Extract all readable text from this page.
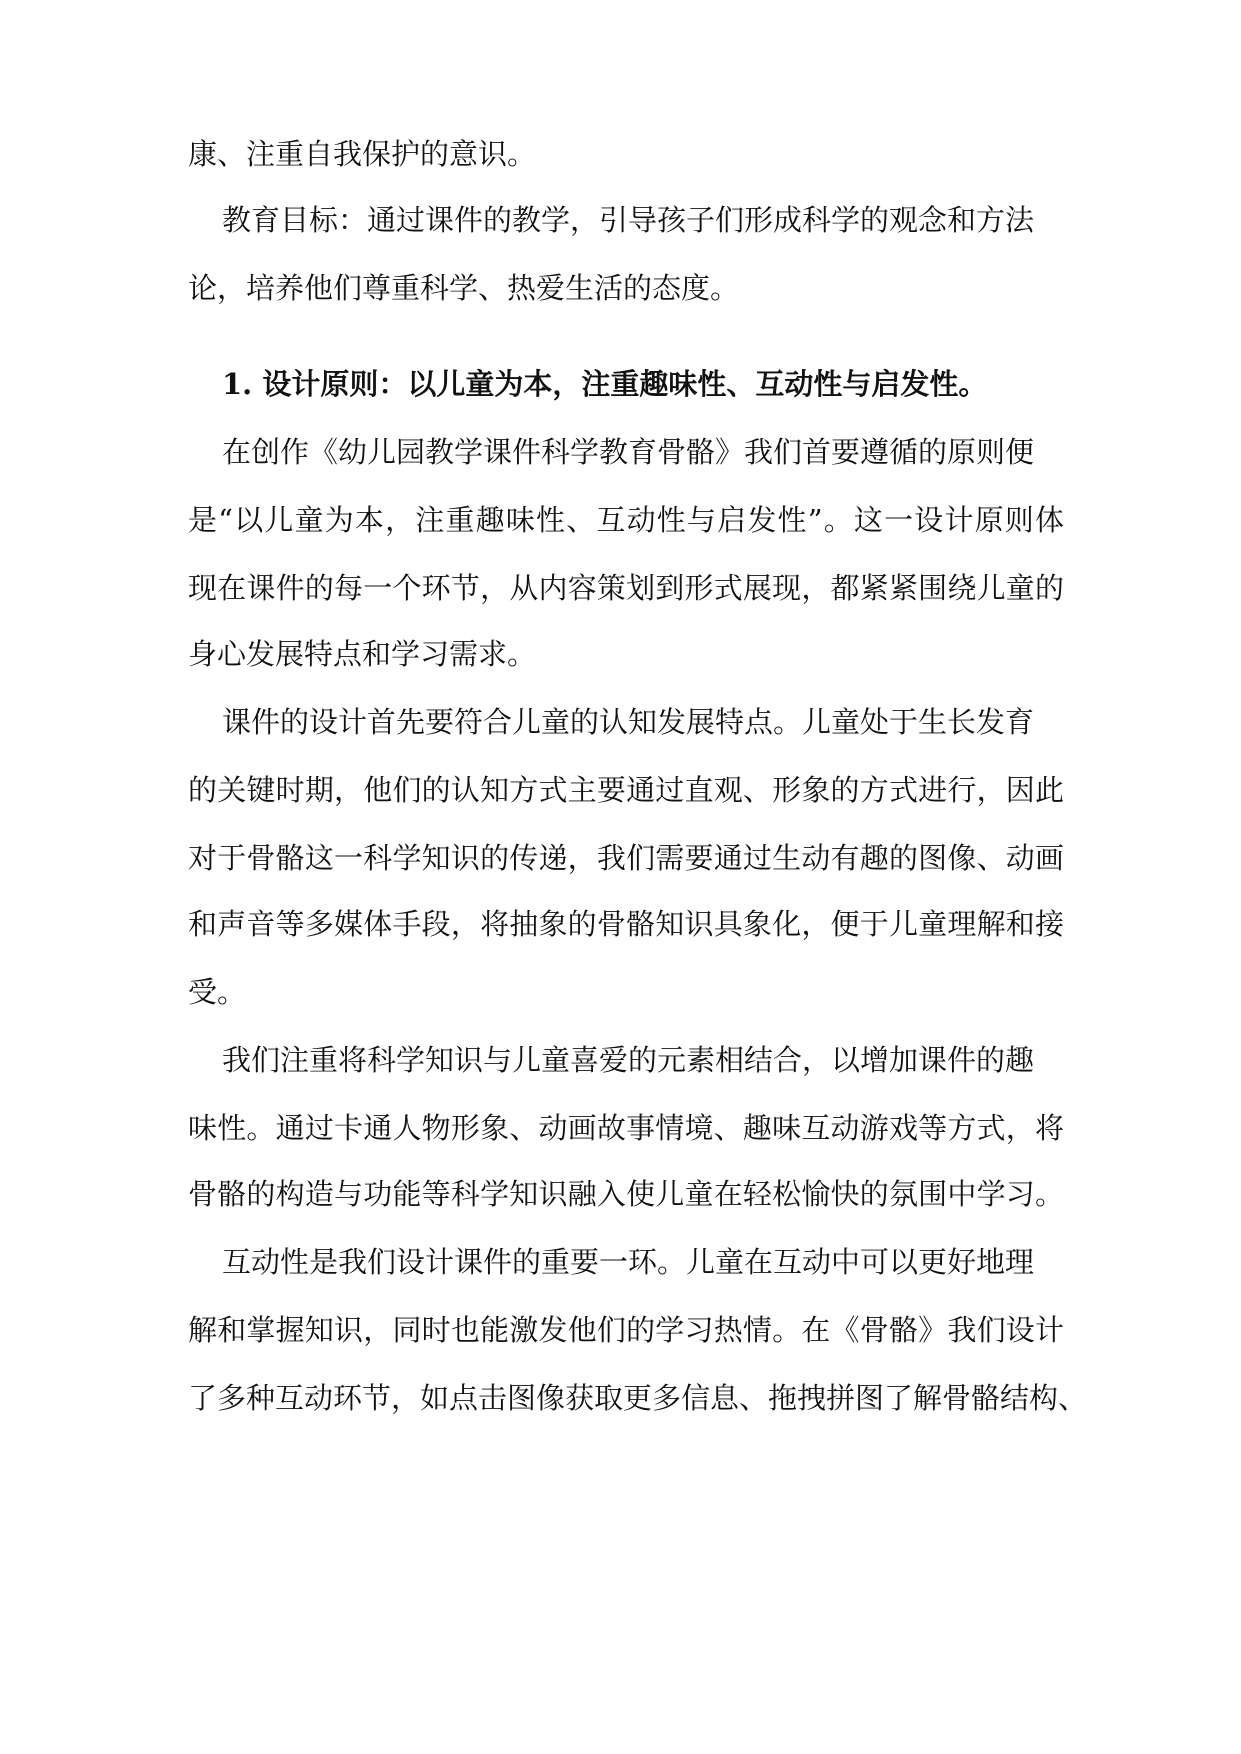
康、注重自我保护的意识。
教育目标：通过课件的教学，引导孩子们形成科学的观念和方法
论，培养他们尊重科学、热爱生活的态度。
1. 设计原则：以儿童为本，注重趣味性、互动性与启发性。
在创作《幼儿园教学课件科学教育骨骼》我们首要遵循的原则便
是“以儿童为本，注重趣味性、互动性与启发性”。这一设计原则体
现在课件的每一个环节，从内容策划到形式展现，都紧紧围绕儿童的
身心发展特点和学习需求。
课件的设计首先要符合儿童的认知发展特点。儿童处于生长发育
的关键时期，他们的认知方式主要通过直观、形象的方式进行，因此
对于骨骼这一科学知识的传递，我们需要通过生动有趣的图像、动画
和声音等多媒体手段，将抽象的骨骼知识具象化，便于儿童理解和接
受。
我们注重将科学知识与儿童喜爱的元素相结合，以增加课件的趣
味性。通过卡通人物形象、动画故事情境、趣味互动游戏等方式，将
骨骼的构造与功能等科学知识融入使儿童在轻松愉快的氛围中学习。
互动性是我们设计课件的重要一环。儿童在互动中可以更好地理
解和掌握知识，同时也能激发他们的学习热情。在《骨骼》我们设计
了多种互动环节，如点击图像获取更多信息、拖拽拼图了解骨骼结构、
